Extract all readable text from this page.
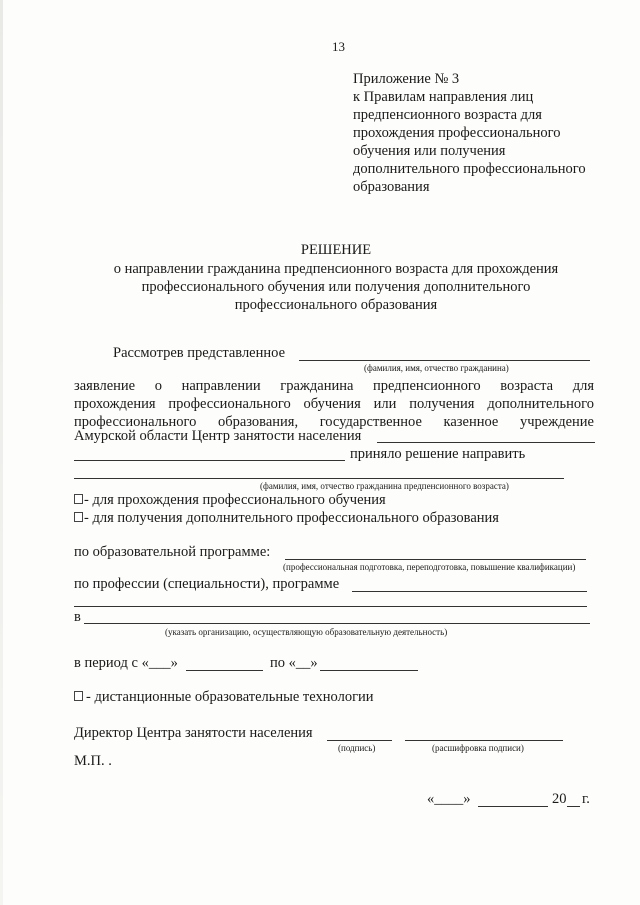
13
Приложение № 3
к Правилам направления лиц
предпенсионного возраста для
прохождения профессионального
обучения или получения
дополнительного профессионального
образования
РЕШЕНИЕ
о направлении гражданина предпенсионного возраста для прохождения
профессионального обучения или получения дополнительного
профессионального образования
Рассмотрев представленное
(фамилия, имя, отчество гражданина)
заявление о направлении гражданина предпенсионного возраста для
прохождения профессионального обучения или получения дополнительного
профессионального образования, государственное казенное учреждение
Амурской области Центр занятости населения
приняло решение направить
(фамилия, имя, отчество гражданина предпенсионного возраста)
- для прохождения профессионального обучения
- для получения дополнительного профессионального образования
по образовательной программе:
(профессиональная подготовка, переподготовка, повышение квалификации)
по профессии (специальности), программе
в
(указать организацию, осуществляющую образовательную деятельность)
в период с «___»	по «__»
- дистанционные образовательные технологии
Директор Центра занятости населения
(подпись)	(расшифровка подписи)
М.П. .
«____»	20 г.
